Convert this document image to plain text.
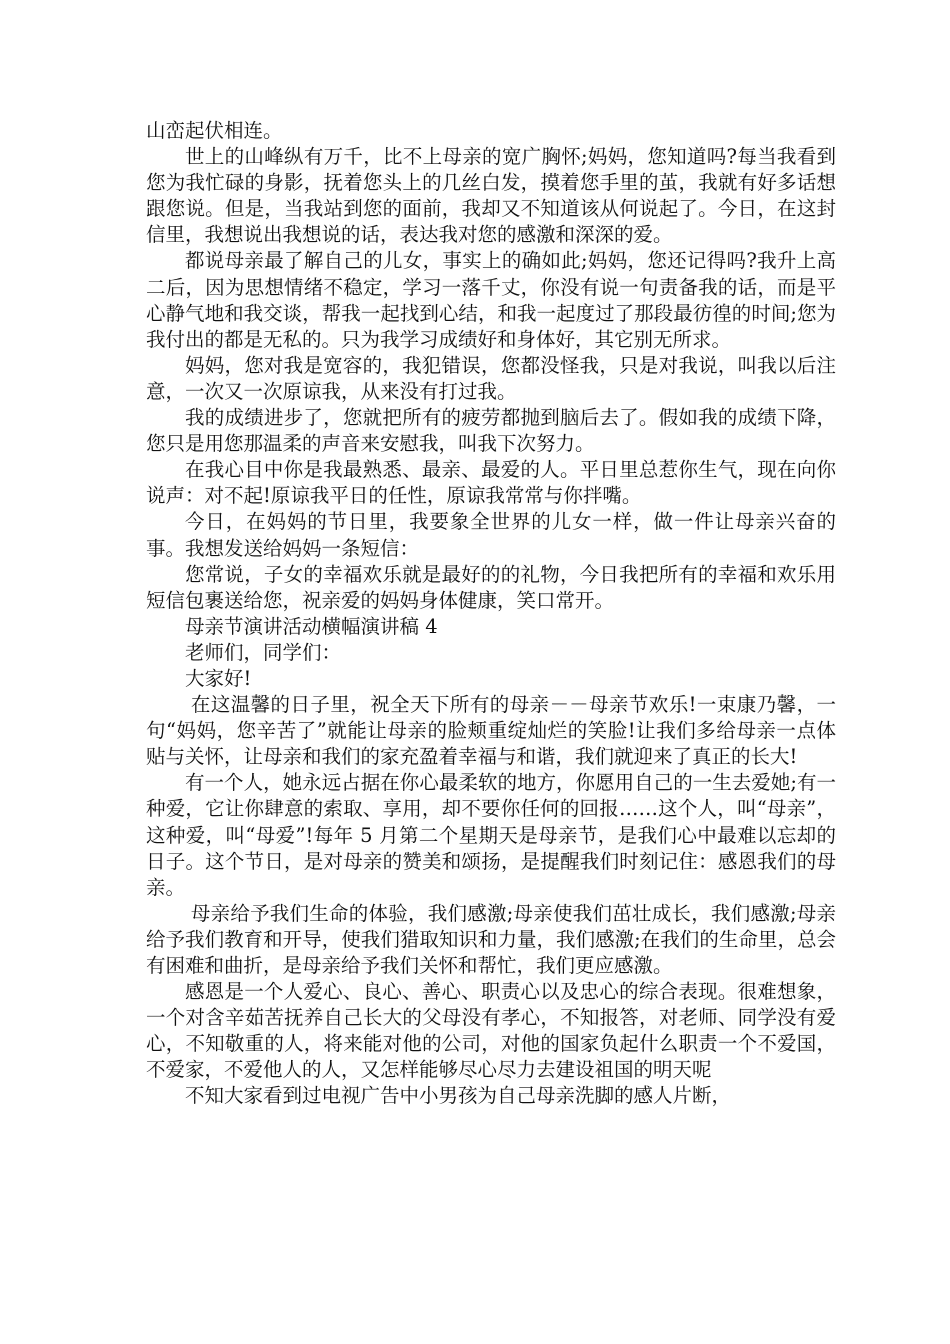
山峦起伏相连。

世上的山峰纵有万千，比不上母亲的宽广胸怀;妈妈，您知道吗?每当我看到您为我忙碌的身影，抚着您头上的几丝白发，摸着您手里的茧，我就有好多话想跟您说。但是，当我站到您的面前，我却又不知道该从何说起了。今日，在这封信里，我想说出我想说的话，表达我对您的感激和深深的爱。

都说母亲最了解自己的儿女，事实上的确如此;妈妈，您还记得吗?我升上高二后，因为思想情绪不稳定，学习一落千丈，你没有说一句责备我的话，而是平心静气地和我交谈，帮我一起找到心结，和我一起度过了那段最彷徨的时间;您为我付出的都是无私的。只为我学习成绩好和身体好，其它别无所求。

妈妈，您对我是宽容的，我犯错误，您都没怪我，只是对我说，叫我以后注意，一次又一次原谅我，从来没有打过我。

我的成绩进步了，您就把所有的疲劳都抛到脑后去了。假如我的成绩下降，您只是用您那温柔的声音来安慰我，叫我下次努力。

在我心目中你是我最熟悉、最亲、最爱的人。平日里总惹你生气，现在向你说声：对不起!原谅我平日的任性，原谅我常常与你拌嘴。

今日，在妈妈的节日里，我要象全世界的儿女一样，做一件让母亲兴奋的事。我想发送给妈妈一条短信：

您常说，子女的幸福欢乐就是最好的的礼物，今日我把所有的幸福和欢乐用短信包裹送给您，祝亲爱的妈妈身体健康，笑口常开。

母亲节演讲活动横幅演讲稿 4

老师们，同学们：

大家好!

在这温馨的日子里，祝全天下所有的母亲－－母亲节欢乐!一束康乃馨，一句“妈妈，您辛苦了”就能让母亲的脸颊重绽灿烂的笑脸!让我们多给母亲一点体贴与关怀，让母亲和我们的家充盈着幸福与和谐，我们就迎来了真正的长大!

有一个人，她永远占据在你心最柔软的地方，你愿用自己的一生去爱她;有一种爱，它让你肆意的索取、享用，却不要你任何的回报……这个人，叫“母亲”，这种爱，叫“母爱”!每年 5 月第二个星期天是母亲节，是我们心中最难以忘却的日子。这个节日，是对母亲的赞美和颂扬，是提醒我们时刻记住：感恩我们的母亲。

母亲给予我们生命的体验，我们感激;母亲使我们茁壮成长，我们感激;母亲给予我们教育和开导，使我们猎取知识和力量，我们感激;在我们的生命里，总会有困难和曲折，是母亲给予我们关怀和帮忙，我们更应感激。

感恩是一个人爱心、良心、善心、职责心以及忠心的综合表现。很难想象，一个对含辛茹苦抚养自己长大的父母没有孝心，不知报答，对老师、同学没有爱心，不知敬重的人，将来能对他的公司，对他的国家负起什么职责一个不爱国，不爱家，不爱他人的人，又怎样能够尽心尽力去建设祖国的明天呢

不知大家看到过电视广告中小男孩为自己母亲洗脚的感人片断，
